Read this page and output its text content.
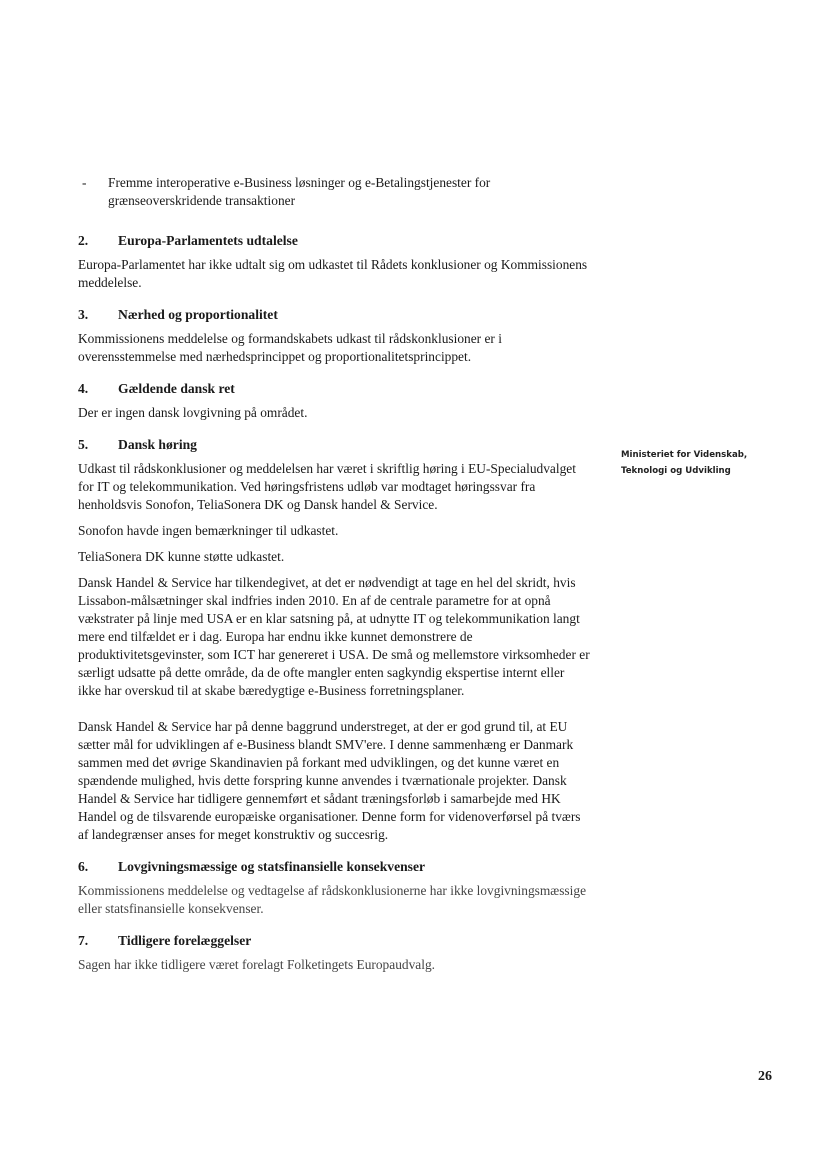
-	Fremme interoperative e-Business løsninger og e-Betalingstjenester for grænseoverskridende transaktioner
2.	Europa-Parlamentets udtalelse

Europa-Parlamentet har ikke udtalt sig om udkastet til Rådets konklusioner og Kommissionens meddelelse.

3.	Nærhed og proportionalitet

Kommissionens meddelelse og formandskabets udkast til rådskonklusioner er i overensstemmelse med nærhedsprincippet og proportionalitetsprincippet.

4.	Gældende dansk ret

Der er ingen dansk lovgivning på området.

5.	Dansk høring

Udkast til rådskonklusioner og meddelelsen har været i skriftlig høring i EU-Specialudvalget for IT og telekommunikation. Ved høringsfristens udløb var modtaget høringssvar fra henholdsvis Sonofon, TeliaSonera DK og Dansk handel & Service.

Sonofon havde ingen bemærkninger til udkastet.

TeliaSonera DK kunne støtte udkastet.

Dansk Handel & Service har tilkendegivet, at det er nødvendigt at tage en hel del skridt, hvis Lissabon-målsætninger skal indfries inden 2010. En af de centrale parametre for at opnå vækstrater på linje med USA er en klar satsning på, at udnytte IT og telekommunikation langt mere end tilfældet er i dag. Europa har endnu ikke kunnet demonstrere de produktivitetsgevinster, som ICT har genereret i USA. De små og mellemstore virksomheder er særligt udsatte på dette område, da de ofte mangler enten sagkyndig ekspertise internt eller ikke har overskud til at skabe bæredygtige e-Business forretningsplaner.

Dansk Handel & Service har på denne baggrund understreget, at der er god grund til, at EU sætter mål for udviklingen af e-Business blandt SMV'ere. I denne sammenhæng er Danmark sammen med det øvrige Skandinavien på forkant med udviklingen, og det kunne været en spændende mulighed, hvis dette forspring kunne anvendes i tværnationale projekter. Dansk Handel & Service har tidligere gennemført et sådant træningsforløb i samarbejde med HK Handel og de tilsvarende europæiske organisationer. Denne form for videnoverførsel på tværs af landegrænser anses for meget konstruktiv og succesrig.

6.	Lovgivningsmæssige og statsfinansielle konsekvenser

Kommissionens meddelelse og vedtagelse af rådskonklusionerne har ikke lovgivningsmæssige eller statsfinansielle konsekvenser.

7.	Tidligere forelæggelser

Sagen har ikke tidligere været forelagt Folketingets Europaudvalg.

Ministeriet for Videnskab,
Teknologi og Udvikling
26
